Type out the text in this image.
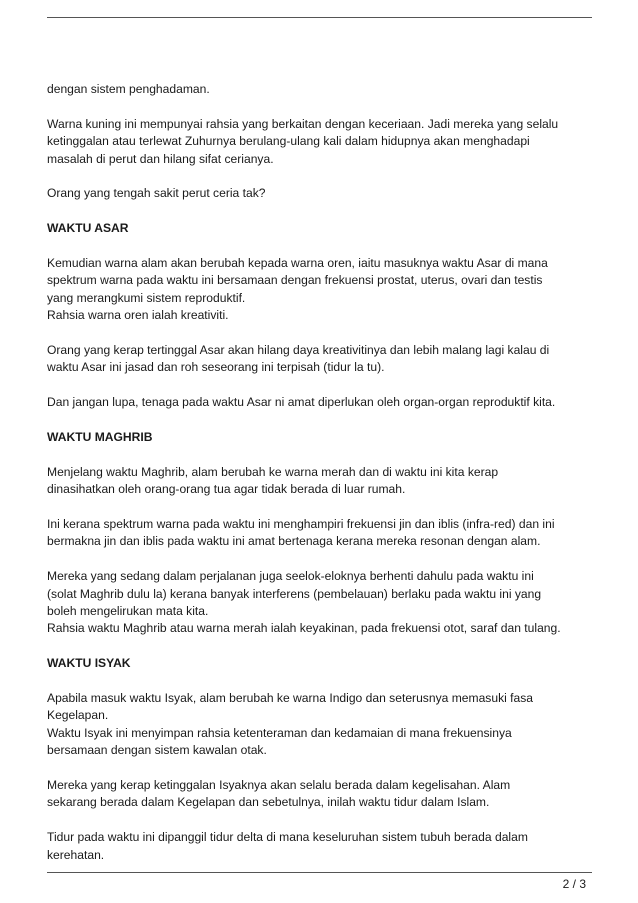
dengan sistem penghadaman.

Warna kuning ini mempunyai rahsia yang berkaitan dengan keceriaan. Jadi mereka yang selalu
ketinggalan atau terlewat Zuhurnya berulang-ulang kali dalam hidupnya akan menghadapi
masalah di perut dan hilang sifat cerianya.

Orang yang tengah sakit perut ceria tak?

WAKTU ASAR

Kemudian warna alam akan berubah kepada warna oren, iaitu masuknya waktu Asar di mana
spektrum warna pada waktu ini bersamaan dengan frekuensi prostat, uterus, ovari dan testis
yang merangkumi sistem reproduktif.
Rahsia warna oren ialah kreativiti.

Orang yang kerap tertinggal Asar akan hilang daya kreativitinya dan lebih malang lagi kalau di
waktu Asar ini jasad dan roh seseorang ini terpisah (tidur la tu).

Dan jangan lupa, tenaga pada waktu Asar ni amat diperlukan oleh organ-organ reproduktif kita.

WAKTU MAGHRIB

Menjelang waktu Maghrib, alam berubah ke warna merah dan di waktu ini kita kerap
dinasihatkan oleh orang-orang tua agar tidak berada di luar rumah.

Ini kerana spektrum warna pada waktu ini menghampiri frekuensi jin dan iblis (infra-red) dan ini
bermakna jin dan iblis pada waktu ini amat bertenaga kerana mereka resonan dengan alam.

Mereka yang sedang dalam perjalanan juga seelok-eloknya berhenti dahulu pada waktu ini
(solat Maghrib dulu la) kerana banyak interferens (pembelauan) berlaku pada waktu ini yang
boleh mengelirukan mata kita.
Rahsia waktu Maghrib atau warna merah ialah keyakinan, pada frekuensi otot, saraf dan tulang.

WAKTU ISYAK

Apabila masuk waktu Isyak, alam berubah ke warna Indigo dan seterusnya memasuki fasa
Kegelapan.
Waktu Isyak ini menyimpan rahsia ketenteraman dan kedamaian di mana frekuensinya
bersamaan dengan sistem kawalan otak.

Mereka yang kerap ketinggalan Isyaknya akan selalu berada dalam kegelisahan. Alam
sekarang berada dalam Kegelapan dan sebetulnya, inilah waktu tidur dalam Islam.

Tidur pada waktu ini dipanggil tidur delta di mana keseluruhan sistem tubuh berada dalam
kerehatan.

2 / 3
